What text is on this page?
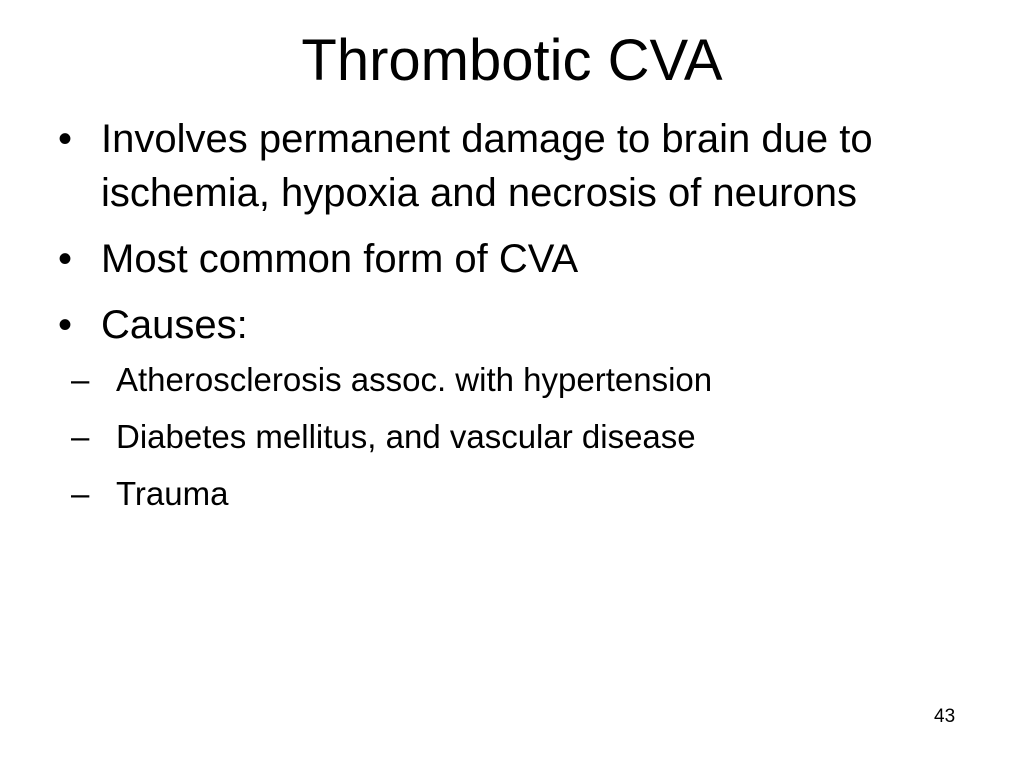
Thrombotic CVA
• Involves permanent damage to brain due to ischemia, hypoxia and necrosis of neurons
• Most common form of CVA
• Causes:
– Atherosclerosis assoc. with hypertension
– Diabetes mellitus, and vascular disease
– Trauma
43
